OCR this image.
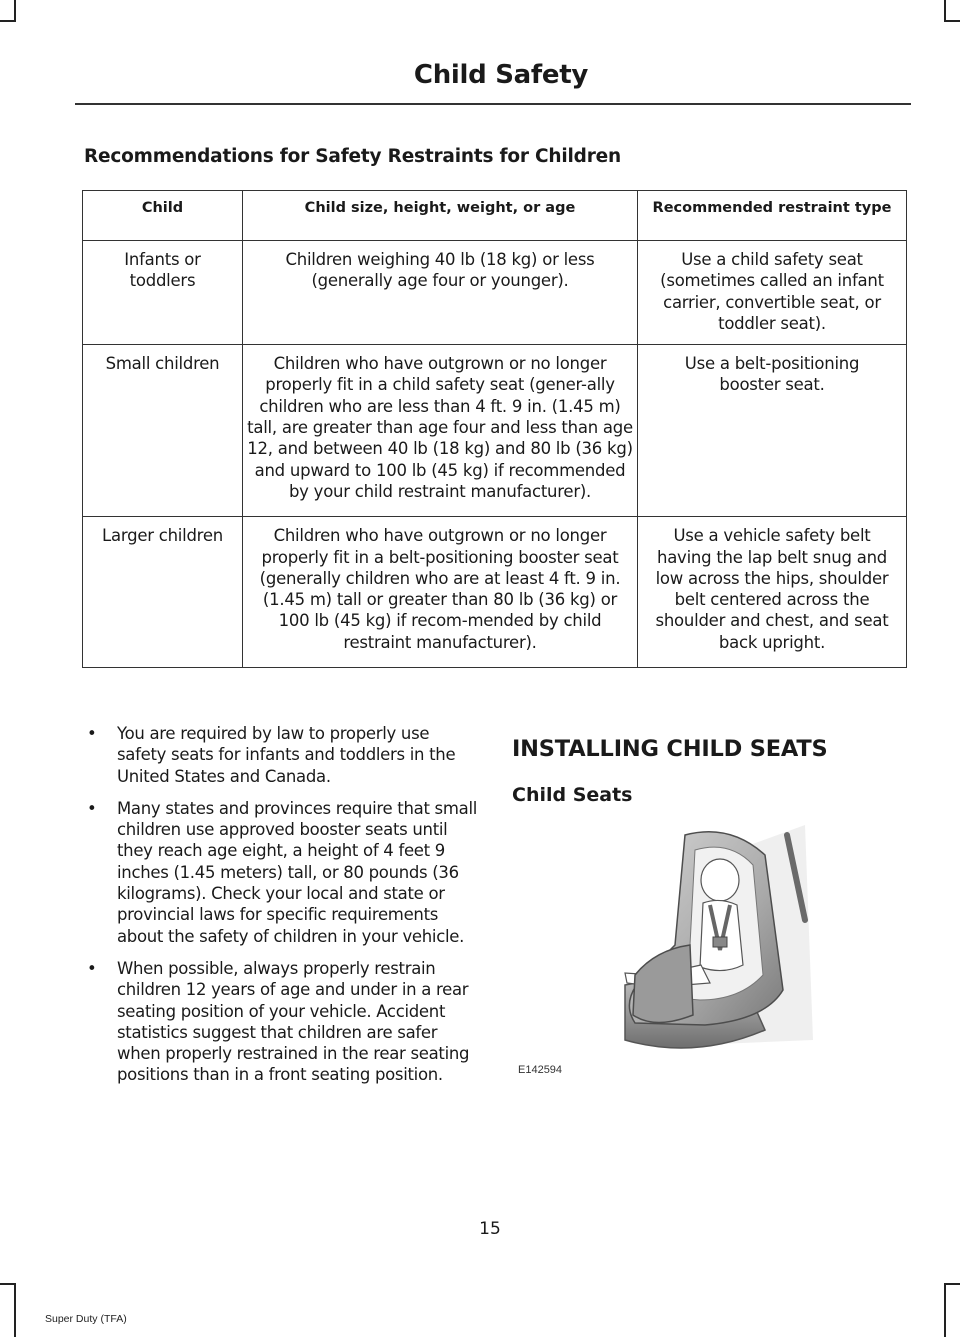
Child Safety
Recommendations for Safety Restraints for Children
Child	Child size, height, weight, or age	Recommended restraint type
Infants or toddlers	Children weighing 40 lb (18 kg) or less (generally age four or younger).	Use a child safety seat (sometimes called an infant carrier, convertible seat, or toddler seat).
Small children	Children who have outgrown or no longer properly fit in a child safety seat (gener-ally children who are less than 4 ft. 9 in. (1.45 m) tall, are greater than age four and less than age 12, and between 40 lb (18 kg) and 80 lb (36 kg) and upward to 100 lb (45 kg) if recommended by your child restraint manufacturer).	Use a belt-positioning booster seat.
Larger children	Children who have outgrown or no longer properly fit in a belt-positioning booster seat (generally children who are at least 4 ft. 9 in. (1.45 m) tall or greater than 80 lb (36 kg) or 100 lb (45 kg) if recom-mended by child restraint manufacturer).	Use a vehicle safety belt having the lap belt snug and low across the hips, shoulder belt centered across the shoulder and chest, and seat back upright.
• You are required by law to properly use safety seats for infants and toddlers in the United States and Canada.
• Many states and provinces require that small children use approved booster seats until they reach age eight, a height of 4 feet 9 inches (1.45 meters) tall, or 80 pounds (36 kilograms). Check your local and state or provincial laws for specific requirements about the safety of children in your vehicle.
• When possible, always properly restrain children 12 years of age and under in a rear seating position of your vehicle. Accident statistics suggest that children are safer when properly restrained in the rear seating positions than in a front seating position.
INSTALLING CHILD SEATS
Child Seats
E142594
15
Super Duty (TFA)
